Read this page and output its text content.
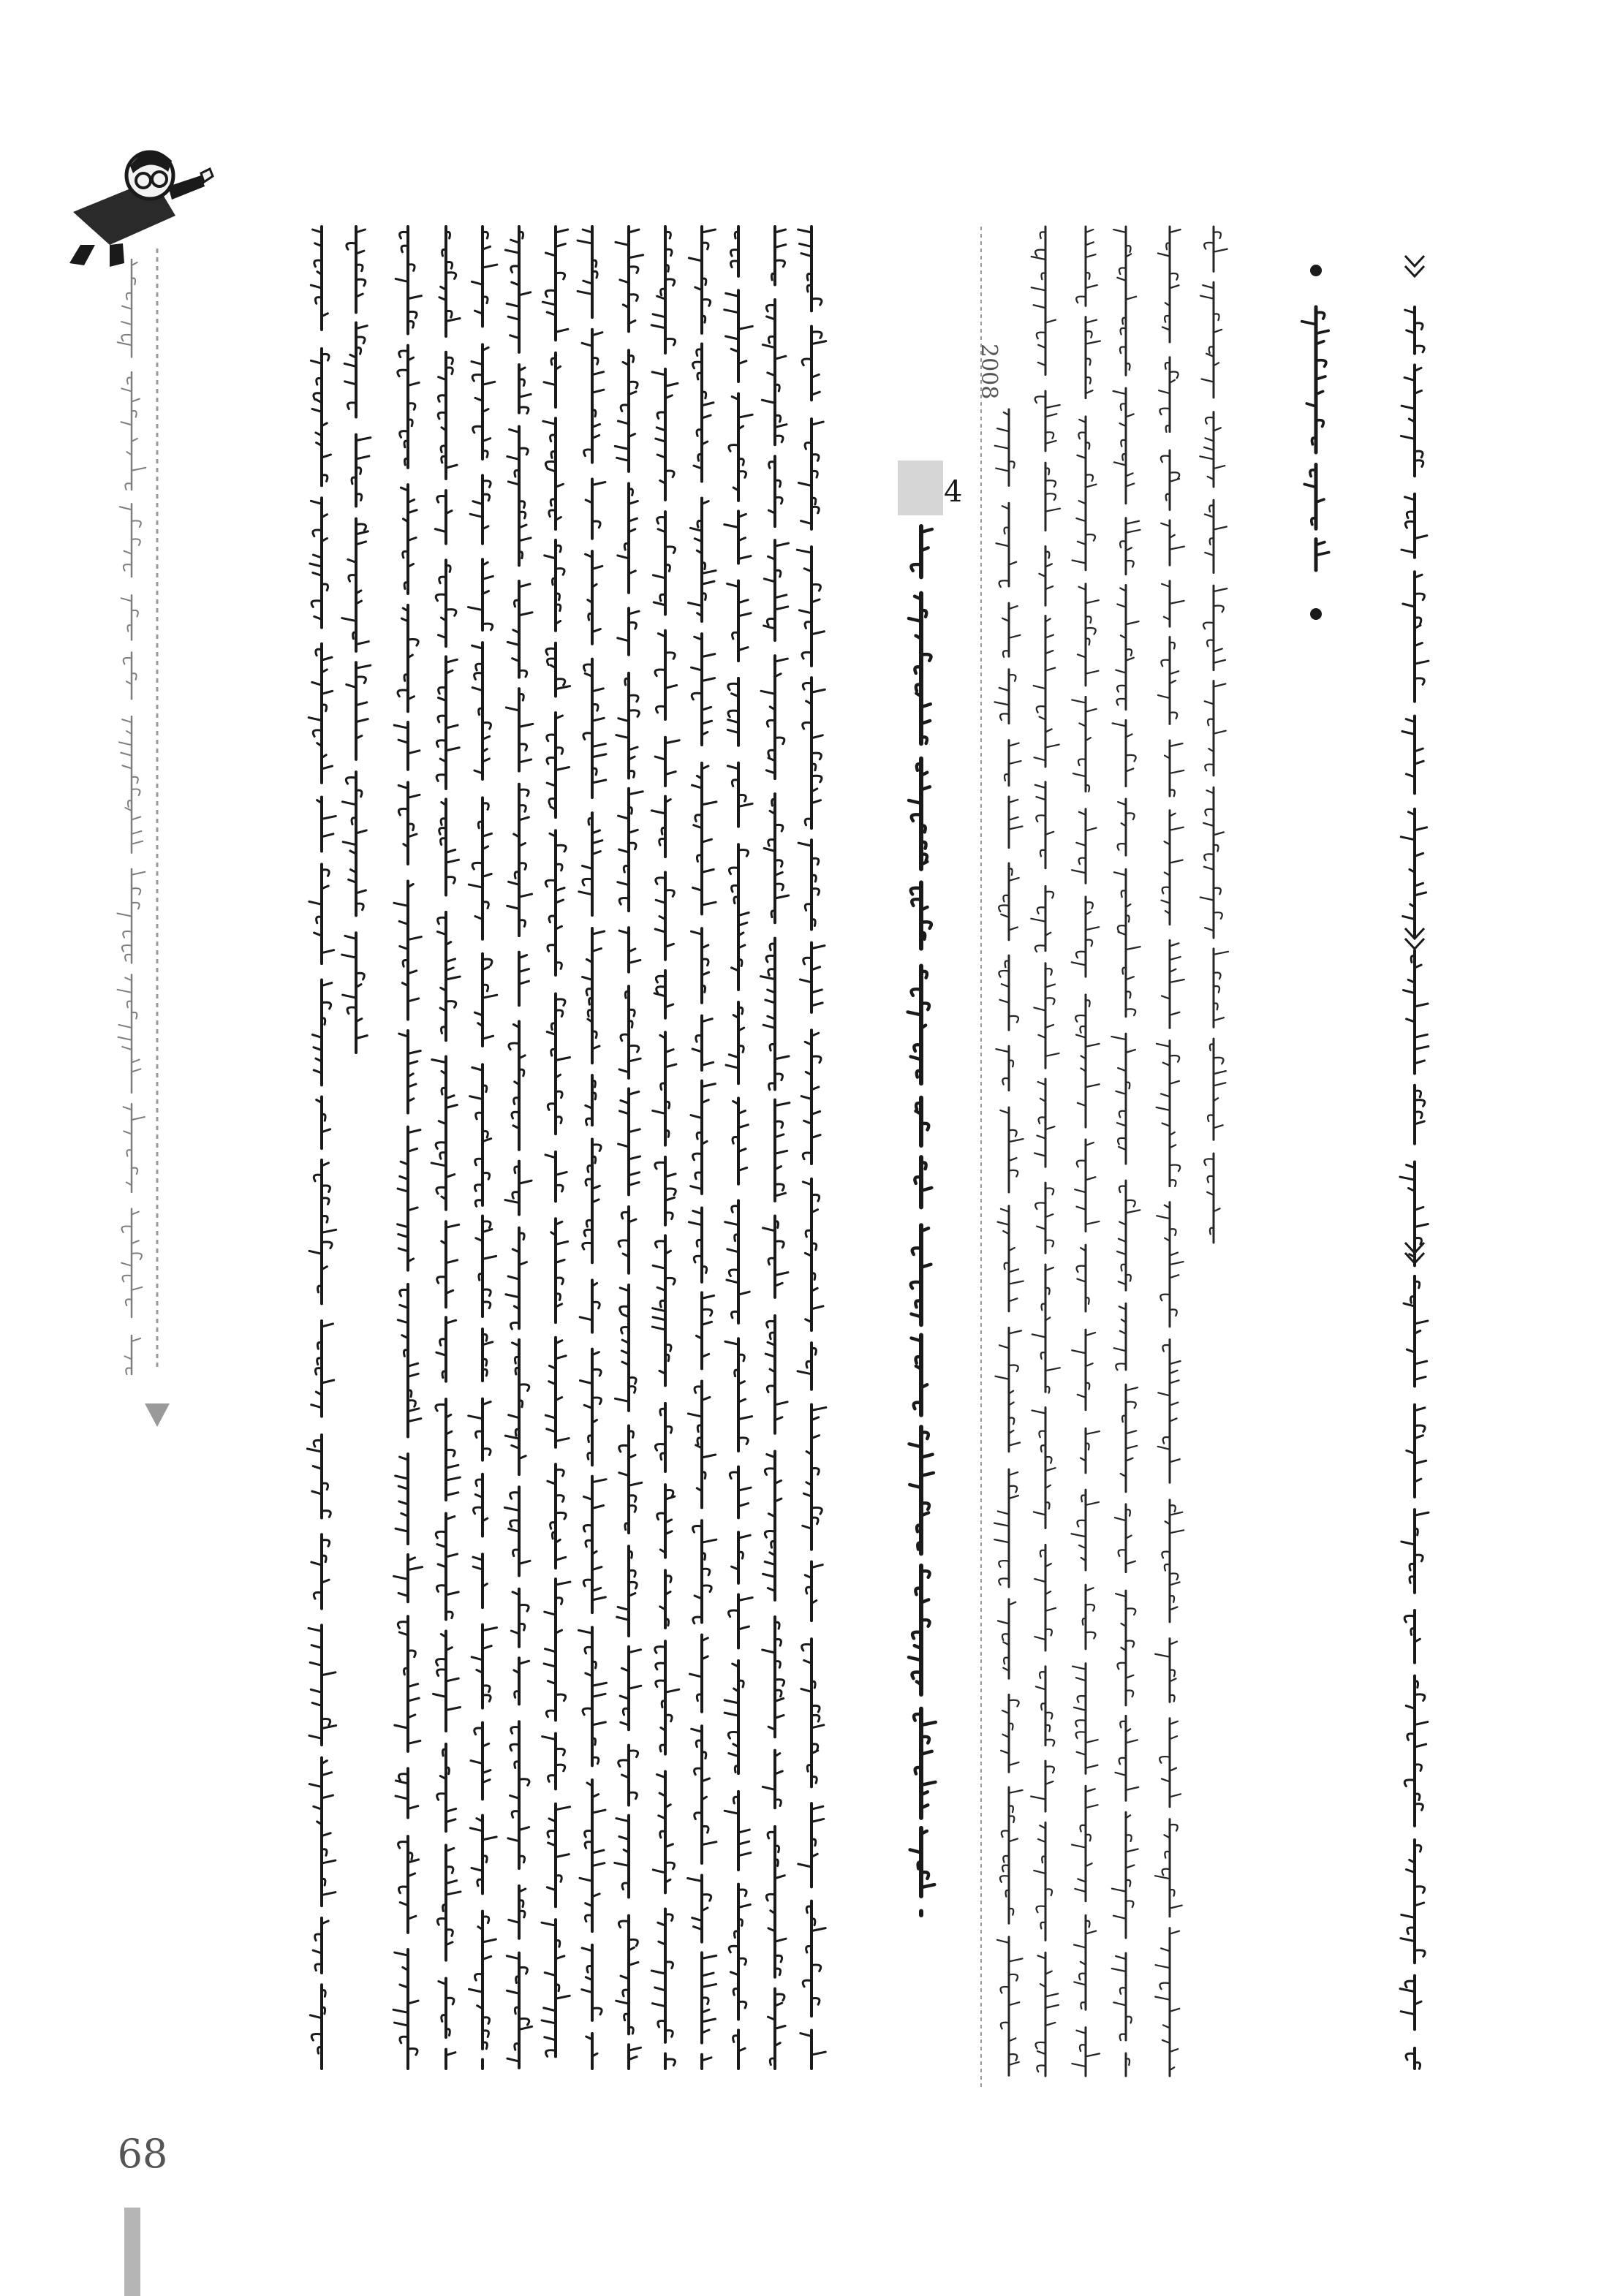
4
2008
68
